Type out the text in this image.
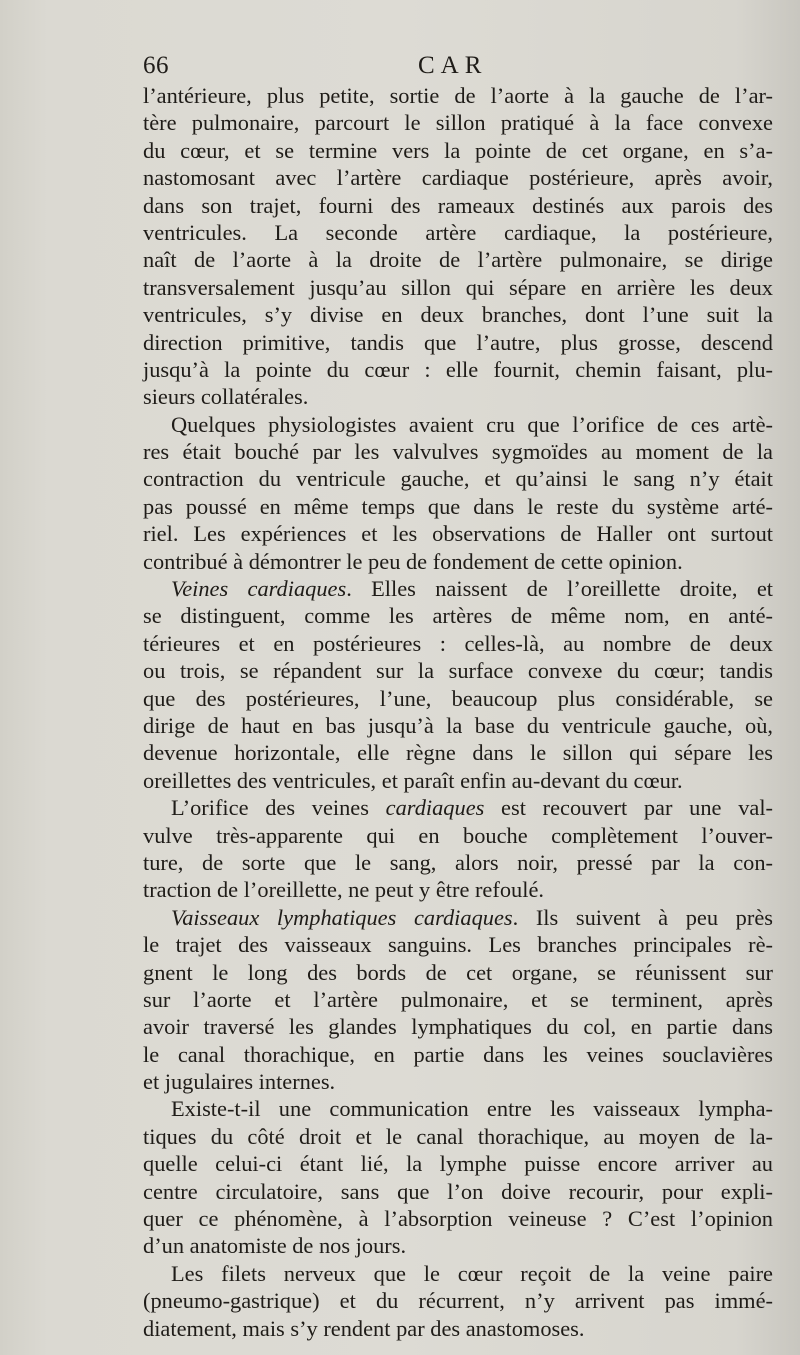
66	CAR
l’antérieure, plus petite, sortie de l’aorte à la gauche de l’ar-
tère pulmonaire, parcourt le sillon pratiqué à la face convexe
du cœur, et se termine vers la pointe de cet organe, en s’a-
nastomosant avec l’artère cardiaque postérieure, après avoir,
dans son trajet, fourni des rameaux destinés aux parois des
ventricules. La seconde artère cardiaque, la postérieure,
naît de l’aorte à la droite de l’artère pulmonaire, se dirige
transversalement jusqu’au sillon qui sépare en arrière les deux
ventricules, s’y divise en deux branches, dont l’une suit la
direction primitive, tandis que l’autre, plus grosse, descend
jusqu’à la pointe du cœur : elle fournit, chemin faisant, plu-
sieurs collatérales.
Quelques physiologistes avaient cru que l’orifice de ces artè-
res était bouché par les valvulves sygmoïdes au moment de la
contraction du ventricule gauche, et qu’ainsi le sang n’y était
pas poussé en même temps que dans le reste du système arté-
riel. Les expériences et les observations de Haller ont surtout
contribué à démontrer le peu de fondement de cette opinion.
Veines cardiaques. Elles naissent de l’oreillette droite, et
se distinguent, comme les artères de même nom, en anté-
térieures et en postérieures : celles-là, au nombre de deux
ou trois, se répandent sur la surface convexe du cœur; tandis
que des postérieures, l’une, beaucoup plus considérable, se
dirige de haut en bas jusqu’à la base du ventricule gauche, où,
devenue horizontale, elle règne dans le sillon qui sépare les
oreillettes des ventricules, et paraît enfin au-devant du cœur.
L’orifice des veines cardiaques est recouvert par une val-
vulve très-apparente qui en bouche complètement l’ouver-
ture, de sorte que le sang, alors noir, pressé par la con-
traction de l’oreillette, ne peut y être refoulé.
Vaisseaux lymphatiques cardiaques. Ils suivent à peu près
le trajet des vaisseaux sanguins. Les branches principales rè-
gnent le long des bords de cet organe, se réunissent sur
sur l’aorte et l’artère pulmonaire, et se terminent, après
avoir traversé les glandes lymphatiques du col, en partie dans
le canal thorachique, en partie dans les veines souclavières
et jugulaires internes.
Existe-t-il une communication entre les vaisseaux lympha-
tiques du côté droit et le canal thorachique, au moyen de la-
quelle celui-ci étant lié, la lymphe puisse encore arriver au
centre circulatoire, sans que l’on doive recourir, pour expli-
quer ce phénomène, à l’absorption veineuse ? C’est l’opinion
d’un anatomiste de nos jours.
Les filets nerveux que le cœur reçoit de la veine paire
(pneumo-gastrique) et du récurrent, n’y arrivent pas immé-
diatement, mais s’y rendent par des anastomoses.
